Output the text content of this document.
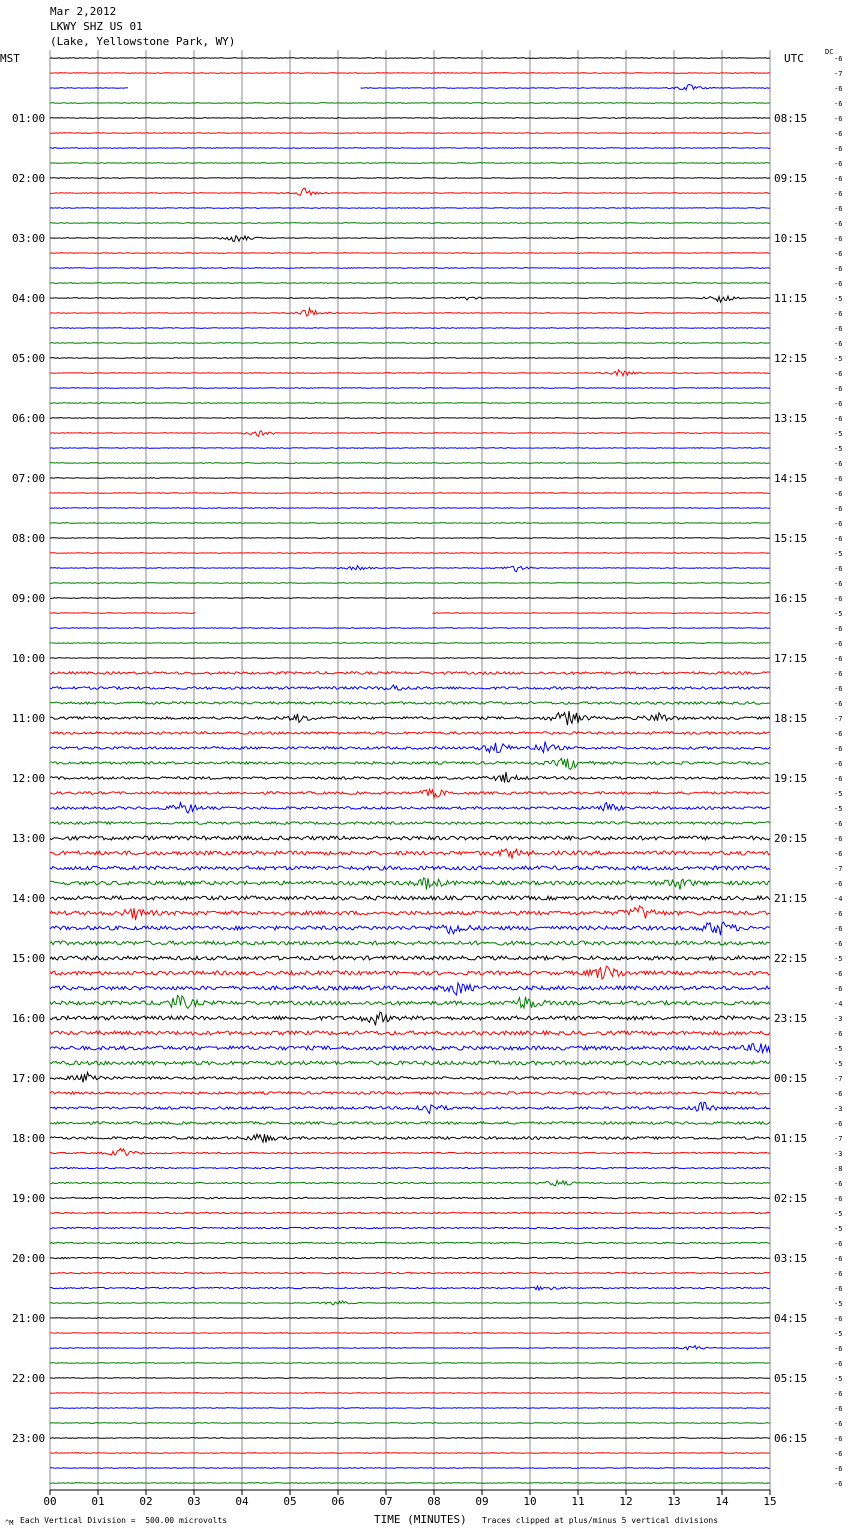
Mar 2,2012
LKWY SHZ US 01
(Lake, Yellowstone Park, WY)
MST	UTC	DC
-6
-7
-6
-6
-6
-6
-6
-6
-6
-6
-6
-6
-6
-6
-6
-6
-5
-6
-6
-6
-5
-6
-6
-6
-6
-5
-5
-6
-6
-6
-6
-6
-6
-5
-6
-6
-6
-5
-6
-6
-6
-6
-6
-6
-7
-6
-6
-6
-6
-5
-5
-6
-6
-6
-7
-6
-4
-6
-6
-6
-5
-6
-6
-4
-3
-6
-5
-5
-7
-6
-3
-6
-7
-3
-8
-6
-6
-5
-5
-6
-6
-6
-6
-5
-6
-5
-6
-6
-5
-6
-6
-6
-6
-6
-6
-6
01:00
02:00
03:00
04:00
05:00
06:00
07:00
08:00
09:00
10:00
11:00
12:00
13:00
14:00
15:00
16:00
17:00
18:00
19:00
20:00
21:00
22:00
23:00
08:15
09:15
10:15
11:15
12:15
13:15
14:15
15:15
16:15
17:15
18:15
19:15
20:15
21:15
22:15
23:15
00:15
01:15
02:15
03:15
04:15
05:15
06:15
00	01	02	03	04	05	06	07	08	09	10	11	12	13	14	15
^M Each Vertical Division =  500.00 microvolts	TIME (MINUTES) Traces clipped at plus/minus 5 vertical divisions
